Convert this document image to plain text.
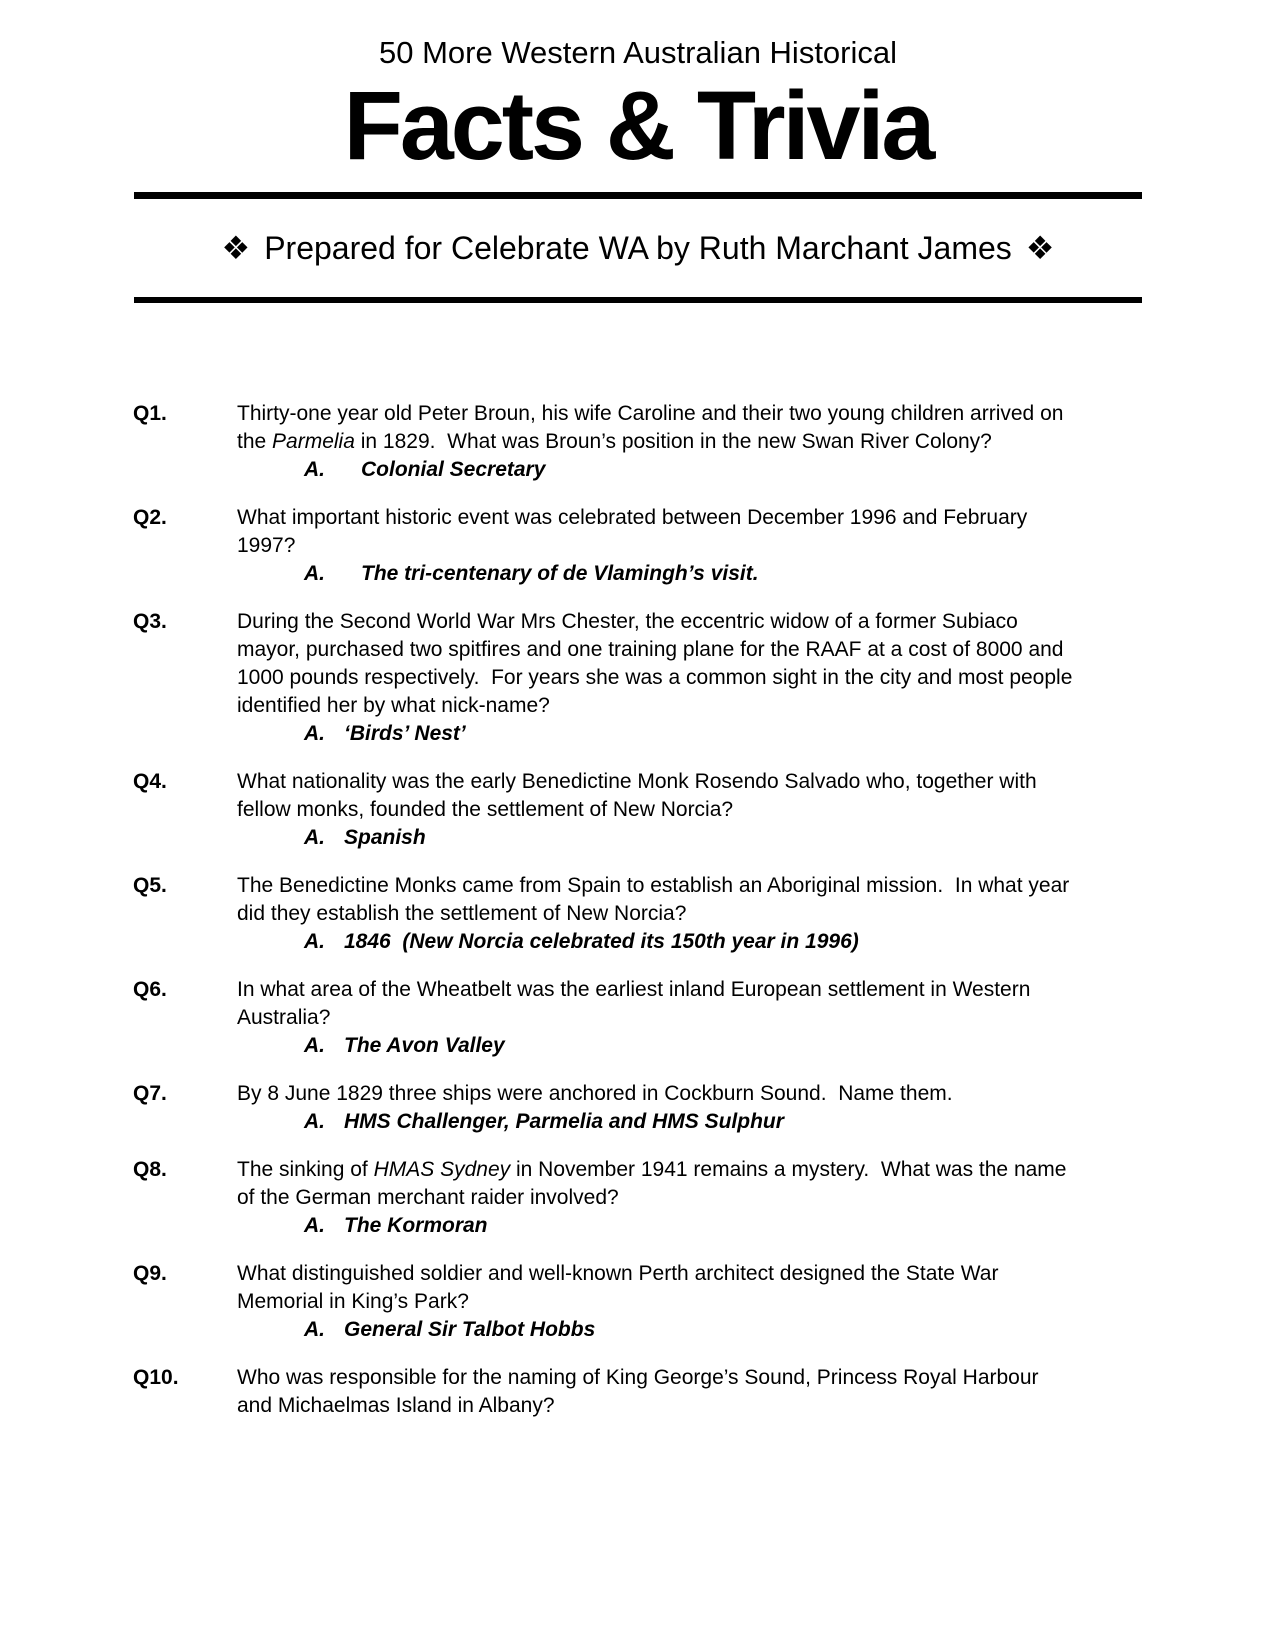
50 More Western Australian Historical
Facts & Trivia
❖ Prepared for Celebrate WA by Ruth Marchant James ❖
Q1.	Thirty-one year old Peter Broun, his wife Caroline and their two young children arrived on the Parmelia in 1829.  What was Broun’s position in the new Swan River Colony?
A. Colonial Secretary
Q2.	What important historic event was celebrated between December 1996 and February 1997?
A. The tri-centenary of de Vlamingh’s visit.
Q3.	During the Second World War Mrs Chester, the eccentric widow of a former Subiaco mayor, purchased two spitfires and one training plane for the RAAF at a cost of 8000 and 1000 pounds respectively.  For years she was a common sight in the city and most people identified her by what nick-name?
A. ‘Birds’ Nest’
Q4.	What nationality was the early Benedictine Monk Rosendo Salvado who, together with fellow monks, founded the settlement of New Norcia?
A. Spanish
Q5.	The Benedictine Monks came from Spain to establish an Aboriginal mission.  In what year did they establish the settlement of New Norcia?
A. 1846  (New Norcia celebrated its 150th year in 1996)
Q6.	In what area of the Wheatbelt was the earliest inland European settlement in Western Australia?
A. The Avon Valley
Q7.	By 8 June 1829 three ships were anchored in Cockburn Sound.  Name them.
A. HMS Challenger, Parmelia and HMS Sulphur
Q8.	The sinking of HMAS Sydney in November 1941 remains a mystery.  What was the name of the German merchant raider involved?
A. The Kormoran
Q9.	What distinguished soldier and well-known Perth architect designed the State War Memorial in King’s Park?
A. General Sir Talbot Hobbs
Q10.	Who was responsible for the naming of King George’s Sound, Princess Royal Harbour and Michaelmas Island in Albany?
